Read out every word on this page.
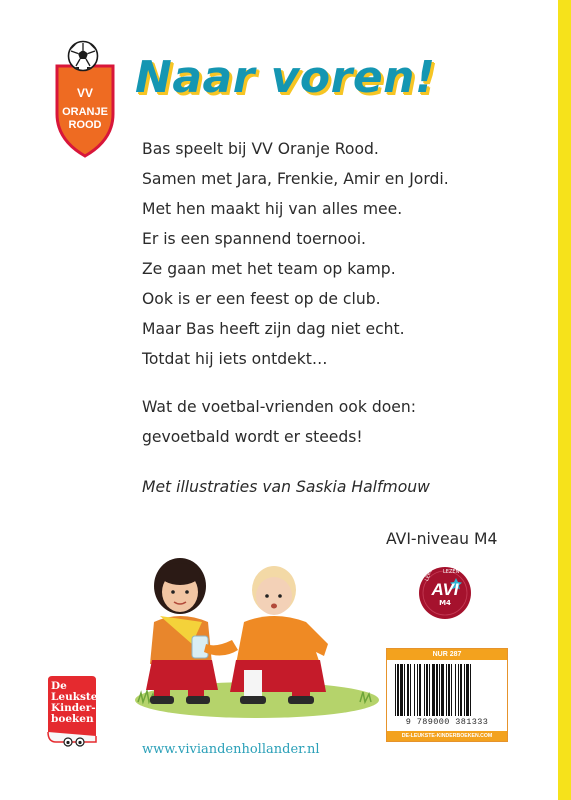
VV
ORANJE
ROOD
Naar voren!
Bas speelt bij VV Oranje Rood.
Samen met Jara, Frenkie, Amir en Jordi.
Met hen maakt hij van alles mee.
Er is een spannend toernooi.
Ze gaan met het team op kamp.
Ook is er een feest op de club.
Maar Bas heeft zijn dag niet echt.
Totdat hij iets ontdekt…
Wat de voetbal-vrienden ook doen:
gevoetbald wordt er steeds!
Met illustraties van Saskia Halfmouw
AVI-niveau M4
LEREN LEZEN
AVI
M4
NUR 287
9 789000 381333
DE-LEUKSTE-KINDERBOEKEN.COM
De
Leukste
Kinder-
boeken
www.viviandenhollander.nl
